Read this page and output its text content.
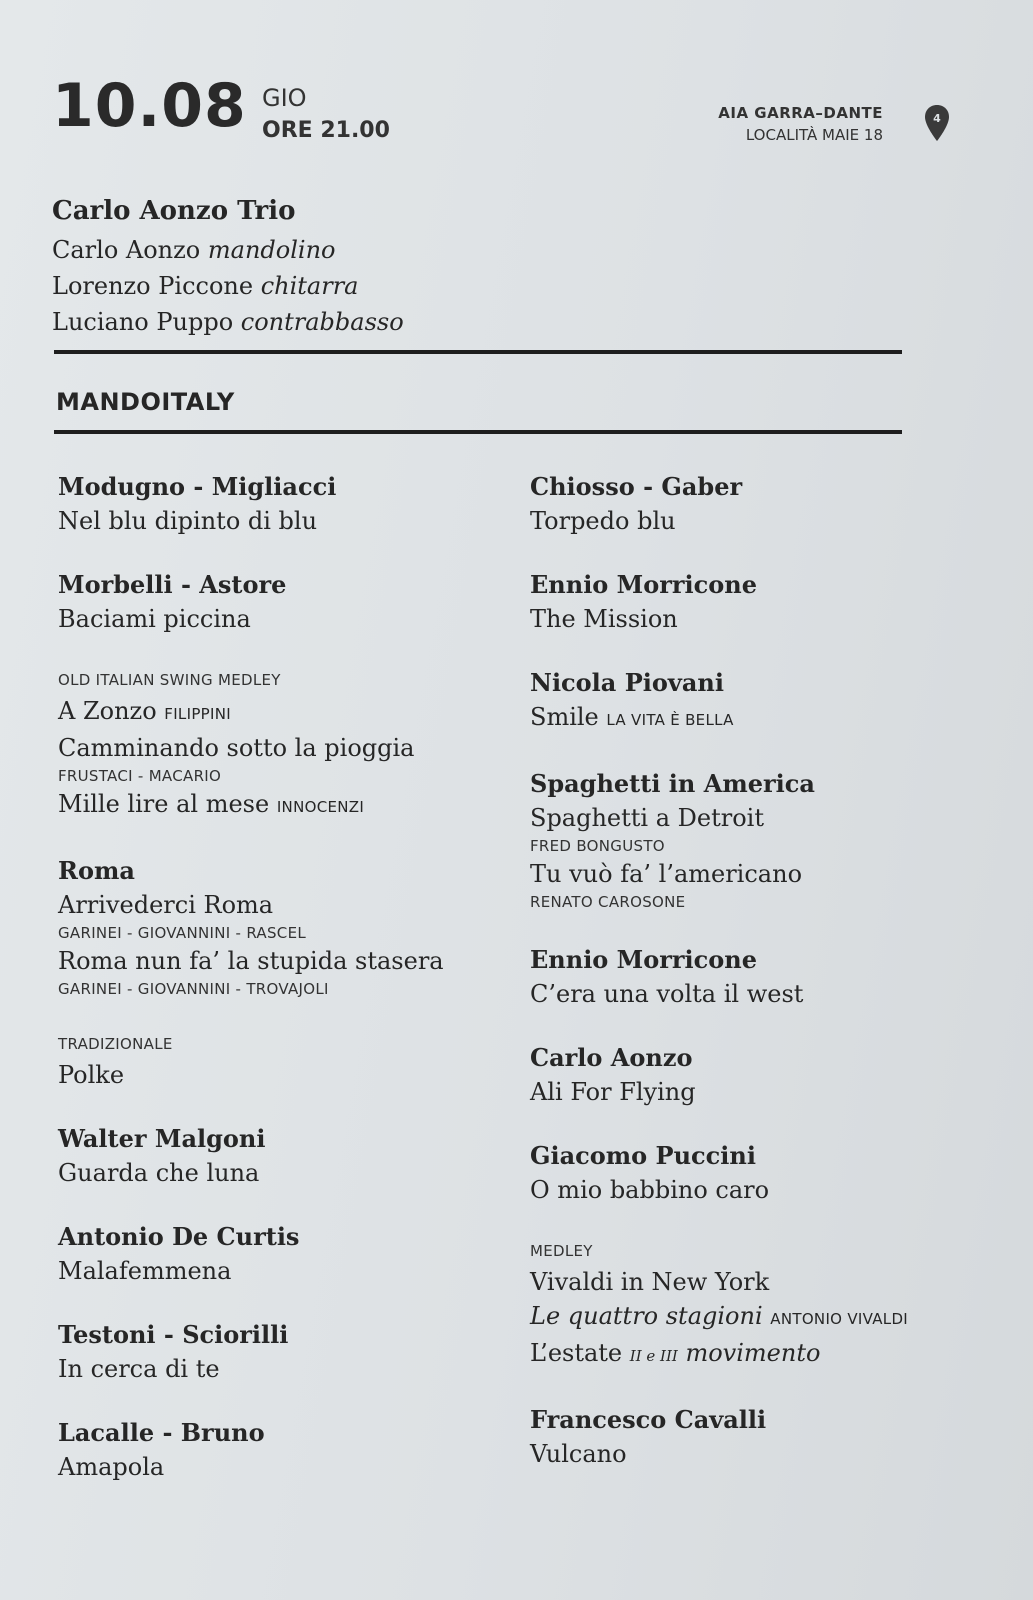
10.08 GIO
ORE 21.00
AIA GARRA–DANTE
LOCALITÀ MAIE 18
4
Carlo Aonzo Trio
Carlo Aonzo mandolino
Lorenzo Piccone chitarra
Luciano Puppo contrabbasso
MANDOITALY
Modugno - Migliacci
Nel blu dipinto di blu
Morbelli - Astore
Baciami piccina
OLD ITALIAN SWING MEDLEY
A Zonzo FILIPPINI
Camminando sotto la pioggia
FRUSTACI - MACARIO
Mille lire al mese INNOCENZI
Roma
Arrivederci Roma
GARINEI - GIOVANNINI - RASCEL
Roma nun fa’ la stupida stasera
GARINEI - GIOVANNINI - TROVAJOLI
TRADIZIONALE
Polke
Walter Malgoni
Guarda che luna
Antonio De Curtis
Malafemmena
Testoni - Sciorilli
In cerca di te
Lacalle - Bruno
Amapola
Chiosso - Gaber
Torpedo blu
Ennio Morricone
The Mission
Nicola Piovani
Smile LA VITA È BELLA
Spaghetti in America
Spaghetti a Detroit
FRED BONGUSTO
Tu vuò fa’ l’americano
RENATO CAROSONE
Ennio Morricone
C’era una volta il west
Carlo Aonzo
Ali For Flying
Giacomo Puccini
O mio babbino caro
MEDLEY
Vivaldi in New York
Le quattro stagioni ANTONIO VIVALDI
L’estate II e III movimento
Francesco Cavalli
Vulcano
